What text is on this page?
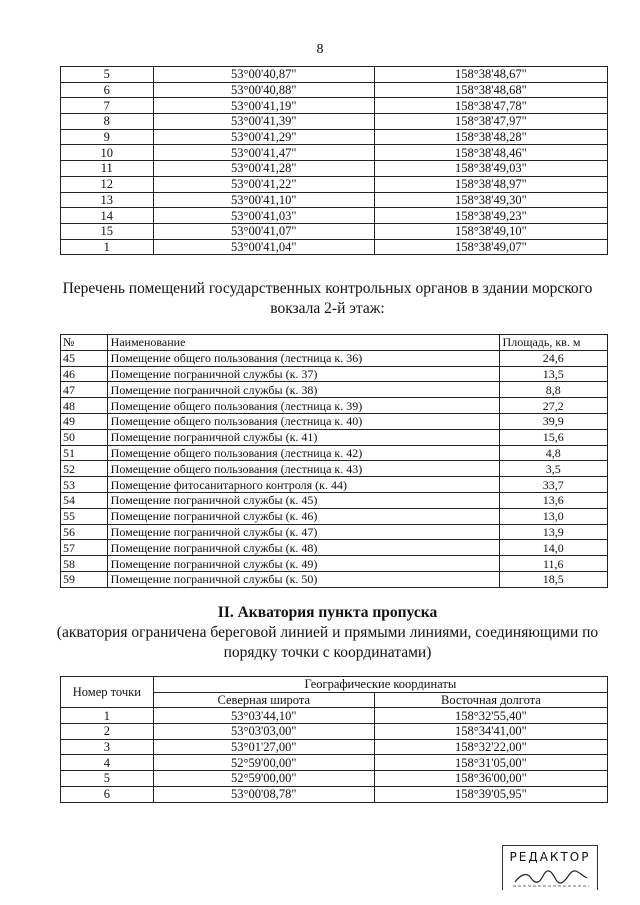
8
5	53°00'40,87"	158°38'48,67"
6	53°00'40,88"	158°38'48,68"
7	53°00'41,19"	158°38'47,78"
8	53°00'41,39"	158°38'47,97"
9	53°00'41,29"	158°38'48,28"
10	53°00'41,47"	158°38'48,46"
11	53°00'41,28"	158°38'49,03"
12	53°00'41,22"	158°38'48,97"
13	53°00'41,10"	158°38'49,30"
14	53°00'41,03"	158°38'49,23"
15	53°00'41,07"	158°38'49,10"
1	53°00'41,04"	158°38'49,07"
Перечень помещений государственных контрольных органов в здании морского вокзала 2-й этаж:
№	Наименование	Площадь, кв. м
45	Помещение общего пользования (лестница к. 36)	24,6
46	Помещение пограничной службы (к. 37)	13,5
47	Помещение пограничной службы (к. 38)	8,8
48	Помещение общего пользования (лестница к. 39)	27,2
49	Помещение общего пользования (лестница к. 40)	39,9
50	Помещение пограничной службы (к. 41)	15,6
51	Помещение общего пользования (лестница к. 42)	4,8
52	Помещение общего пользования (лестница к. 43)	3,5
53	Помещение фитосанитарного контроля (к. 44)	33,7
54	Помещение пограничной службы (к. 45)	13,6
55	Помещение пограничной службы (к. 46)	13,0
56	Помещение пограничной службы (к. 47)	13,9
57	Помещение пограничной службы (к. 48)	14,0
58	Помещение пограничной службы (к. 49)	11,6
59	Помещение пограничной службы (к. 50)	18,5
II. Акватория пункта пропуска
(акватория ограничена береговой линией и прямыми линиями, соединяющими по порядку точки с координатами)
Номер точки	Географические координаты	
	Северная широта	Восточная долгота
1	53°03'44,10"	158°32'55,40"
2	53°03'03,00"	158°34'41,00"
3	53°01'27,00"	158°32'22,00"
4	52°59'00,00"	158°31'05,00"
5	52°59'00,00"	158°36'00,00"
6	53°00'08,78"	158°39'05,95"
РЕДАКТОР
